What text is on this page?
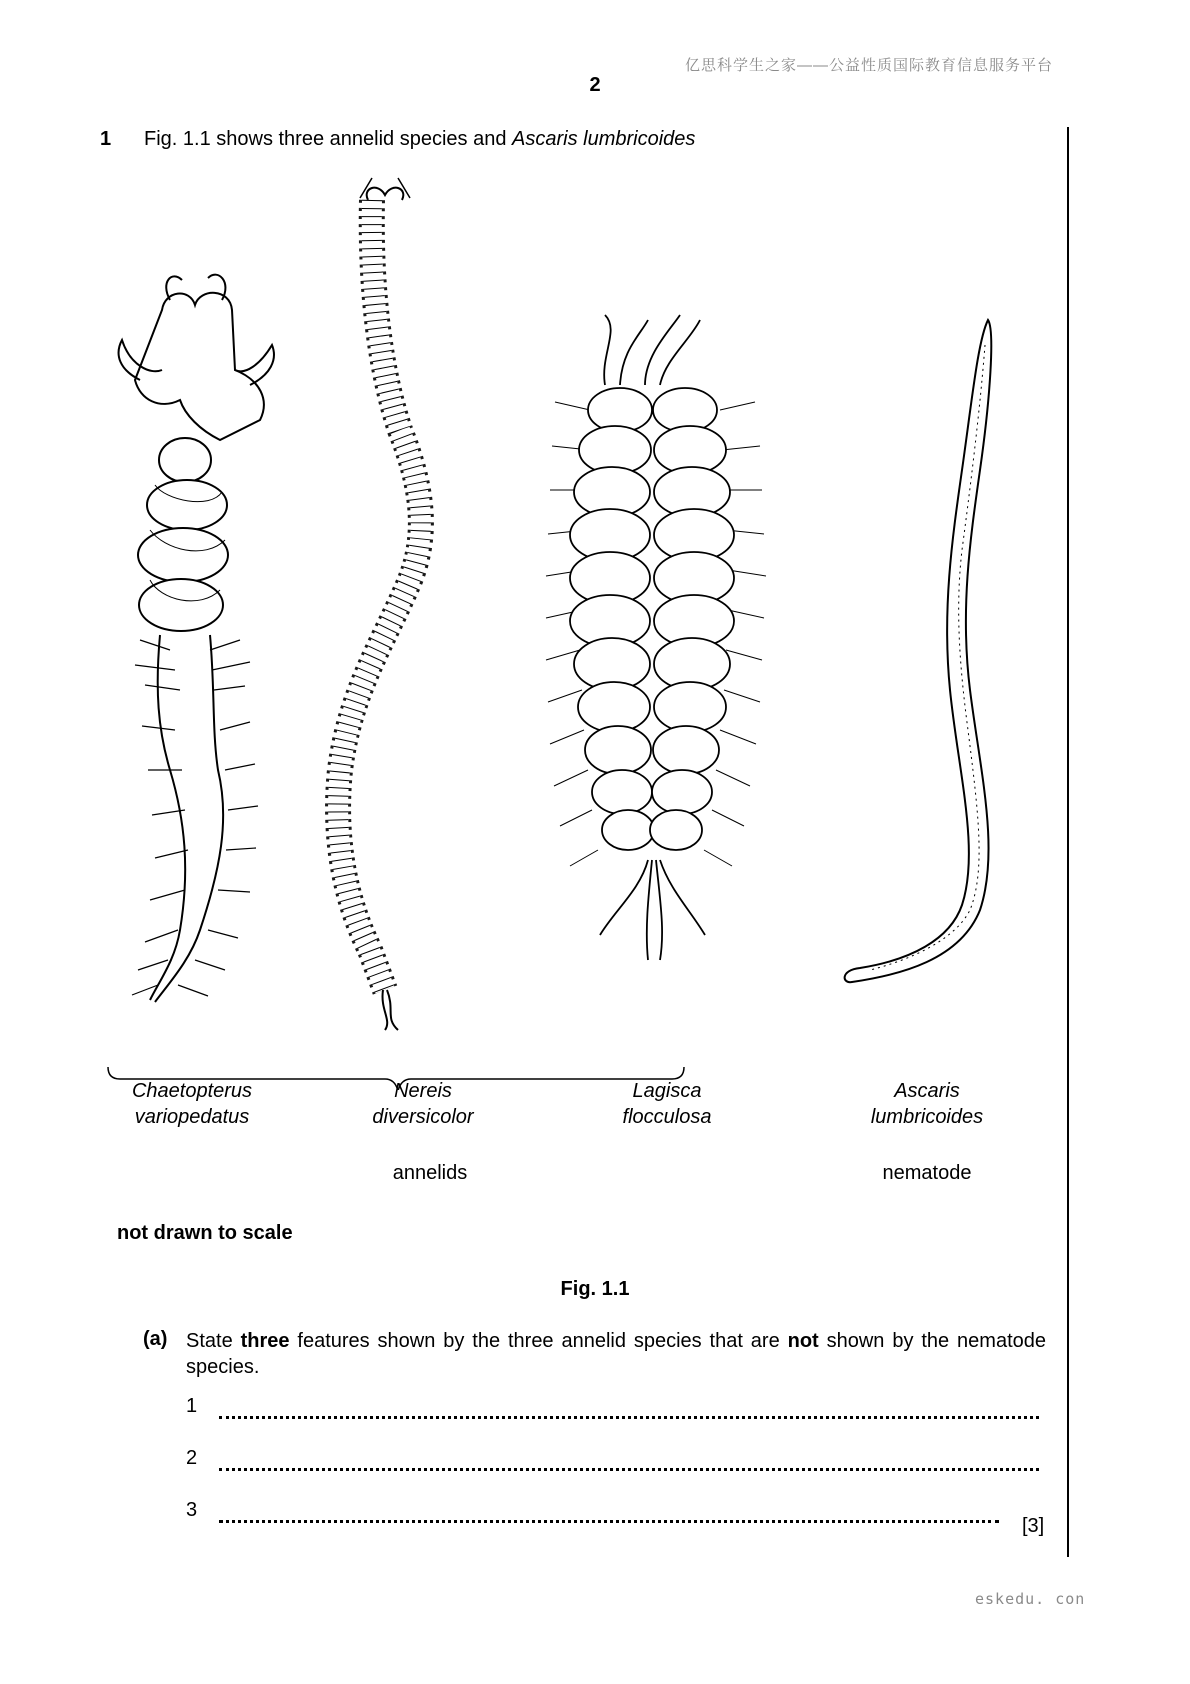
亿思科学生之家——公益性质国际教育信息服务平台
2
1 Fig. 1.1 shows three annelid species and Ascaris lumbricoides
Chaetopterus
variopedatus
Nereis
diversicolor
Lagisca
flocculosa
Ascaris
lumbricoides
annelids	nematode
not drawn to scale
Fig. 1.1
(a) State three features shown by the three annelid species that are not shown by the nematode species.
1
2
3
[3]
eskedu. con
